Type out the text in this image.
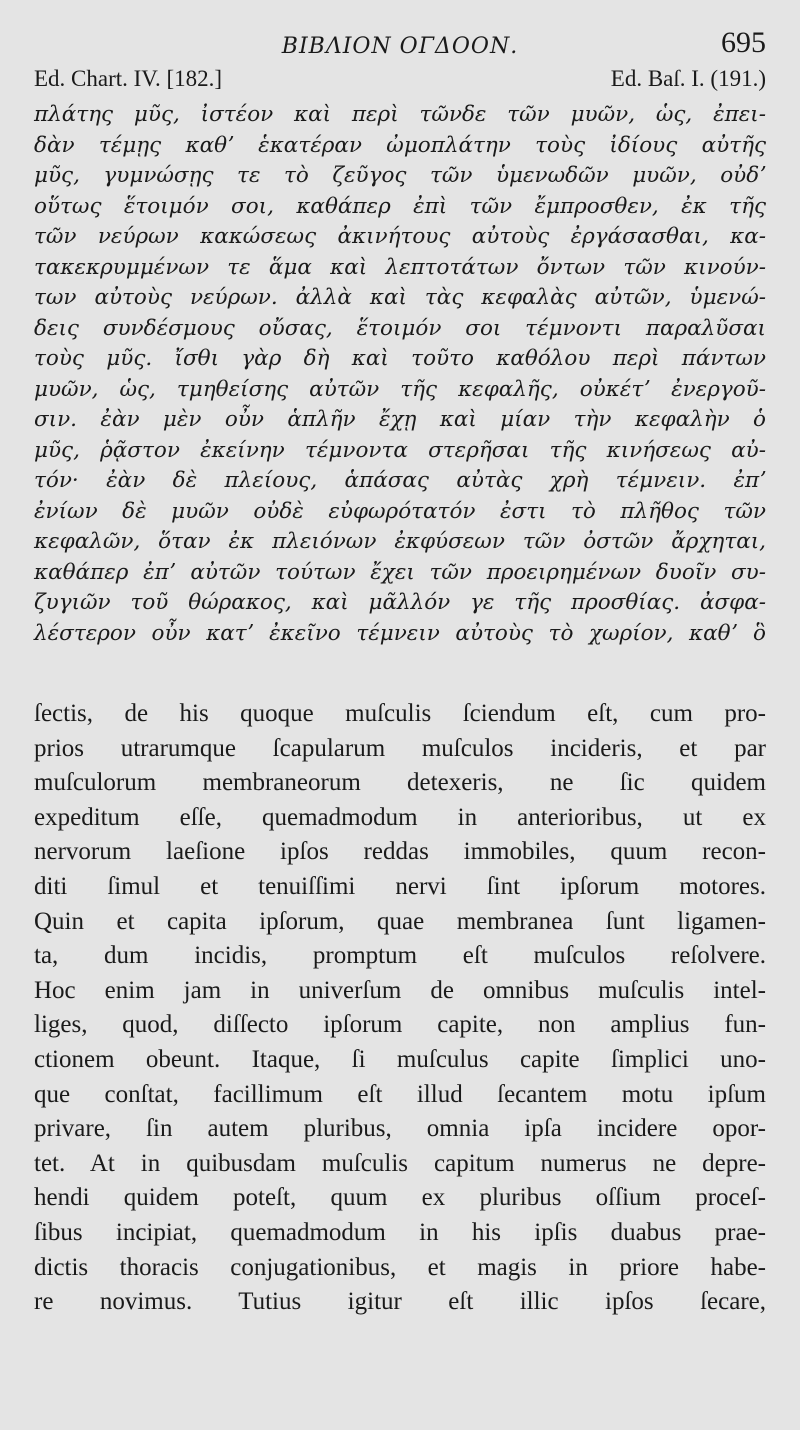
ΒΙΒΛΙΟΝ ΟΓΔΟΟΝ.	695
Ed. Chart. IV. [182.]	Ed. Baſ. I. (191.)
πλάτης μῦς, ἰστέον καὶ περὶ τῶνδε τῶν μυῶν, ὡς, ἐπει-
δὰν τέμῃς καθʼ ἑκατέραν ὠμοπλάτην τοὺς ἰδίους αὐτῆς
μῦς, γυμνώσῃς τε τὸ ζεῦγος τῶν ὑμενωδῶν μυῶν, οὐδʼ
οὕτως ἕτοιμόν σοι, καθάπερ ἐπὶ τῶν ἔμπροσθεν, ἐκ τῆς
τῶν νεύρων κακώσεως ἀκινήτους αὐτοὺς ἐργάσασθαι, κα-
τακεκρυμμένων τε ἅμα καὶ λεπτοτάτων ὄντων τῶν κινούν-
των αὐτοὺς νεύρων. ἀλλὰ καὶ τὰς κεφαλὰς αὐτῶν, ὑμενώ-
δεις συνδέσμους οὔσας, ἕτοιμόν σοι τέμνοντι παραλῦσαι
τοὺς μῦς. ἴσθι γὰρ δὴ καὶ τοῦτο καθόλου περὶ πάντων
μυῶν, ὡς, τμηθείσης αὐτῶν τῆς κεφαλῆς, οὐκέτʼ ἐνεργοῦ-
σιν. ἐὰν μὲν οὖν ἁπλῆν ἔχῃ καὶ μίαν τὴν κεφαλὴν ὁ
μῦς, ῥᾷστον ἐκείνην τέμνοντα στερῆσαι τῆς κινήσεως αὐ-
τόν· ἐὰν δὲ πλείους, ἁπάσας αὐτὰς χρὴ τέμνειν. ἐπʼ
ἐνίων δὲ μυῶν οὐδὲ εὐφωρότατόν ἐστι τὸ πλῆθος τῶν
κεφαλῶν, ὅταν ἐκ πλειόνων ἐκφύσεων τῶν ὀστῶν ἄρχηται,
καθάπερ ἐπʼ αὐτῶν τούτων ἔχει τῶν προειρημένων δυοῖν συ-
ζυγιῶν τοῦ θώρακος, καὶ μᾶλλόν γε τῆς προσθίας. ἀσφα-
λέστερον οὖν κατʼ ἐκεῖνο τέμνειν αὐτοὺς τὸ χωρίον, καθʼ ὃ
ſectis, de his quoque muſculis ſciendum eſt, cum pro-
prios utrarumque ſcapularum muſculos incideris, et par
muſculorum membraneorum detexeris, ne ſic quidem
expeditum eſſe, quemadmodum in anterioribus, ut ex
nervorum laeſione ipſos reddas immobiles, quum recon-
diti ſimul et tenuiſſimi nervi ſint ipſorum motores.
Quin et capita ipſorum, quae membranea ſunt ligamen-
ta, dum incidis, promptum eſt muſculos reſolvere.
Hoc enim jam in univerſum de omnibus muſculis intel-
liges, quod, diſſecto ipſorum capite, non amplius fun-
ctionem obeunt. Itaque, ſi muſculus capite ſimplici uno-
que conſtat, facillimum eſt illud ſecantem motu ipſum
privare, ſin autem pluribus, omnia ipſa incidere opor-
tet. At in quibusdam muſculis capitum numerus ne depre-
hendi quidem poteſt, quum ex pluribus oſſium proceſ-
ſibus incipiat, quemadmodum in his ipſis duabus prae-
dictis thoracis conjugationibus, et magis in priore habe-
re novimus. Tutius igitur eſt illic ipſos ſecare,
